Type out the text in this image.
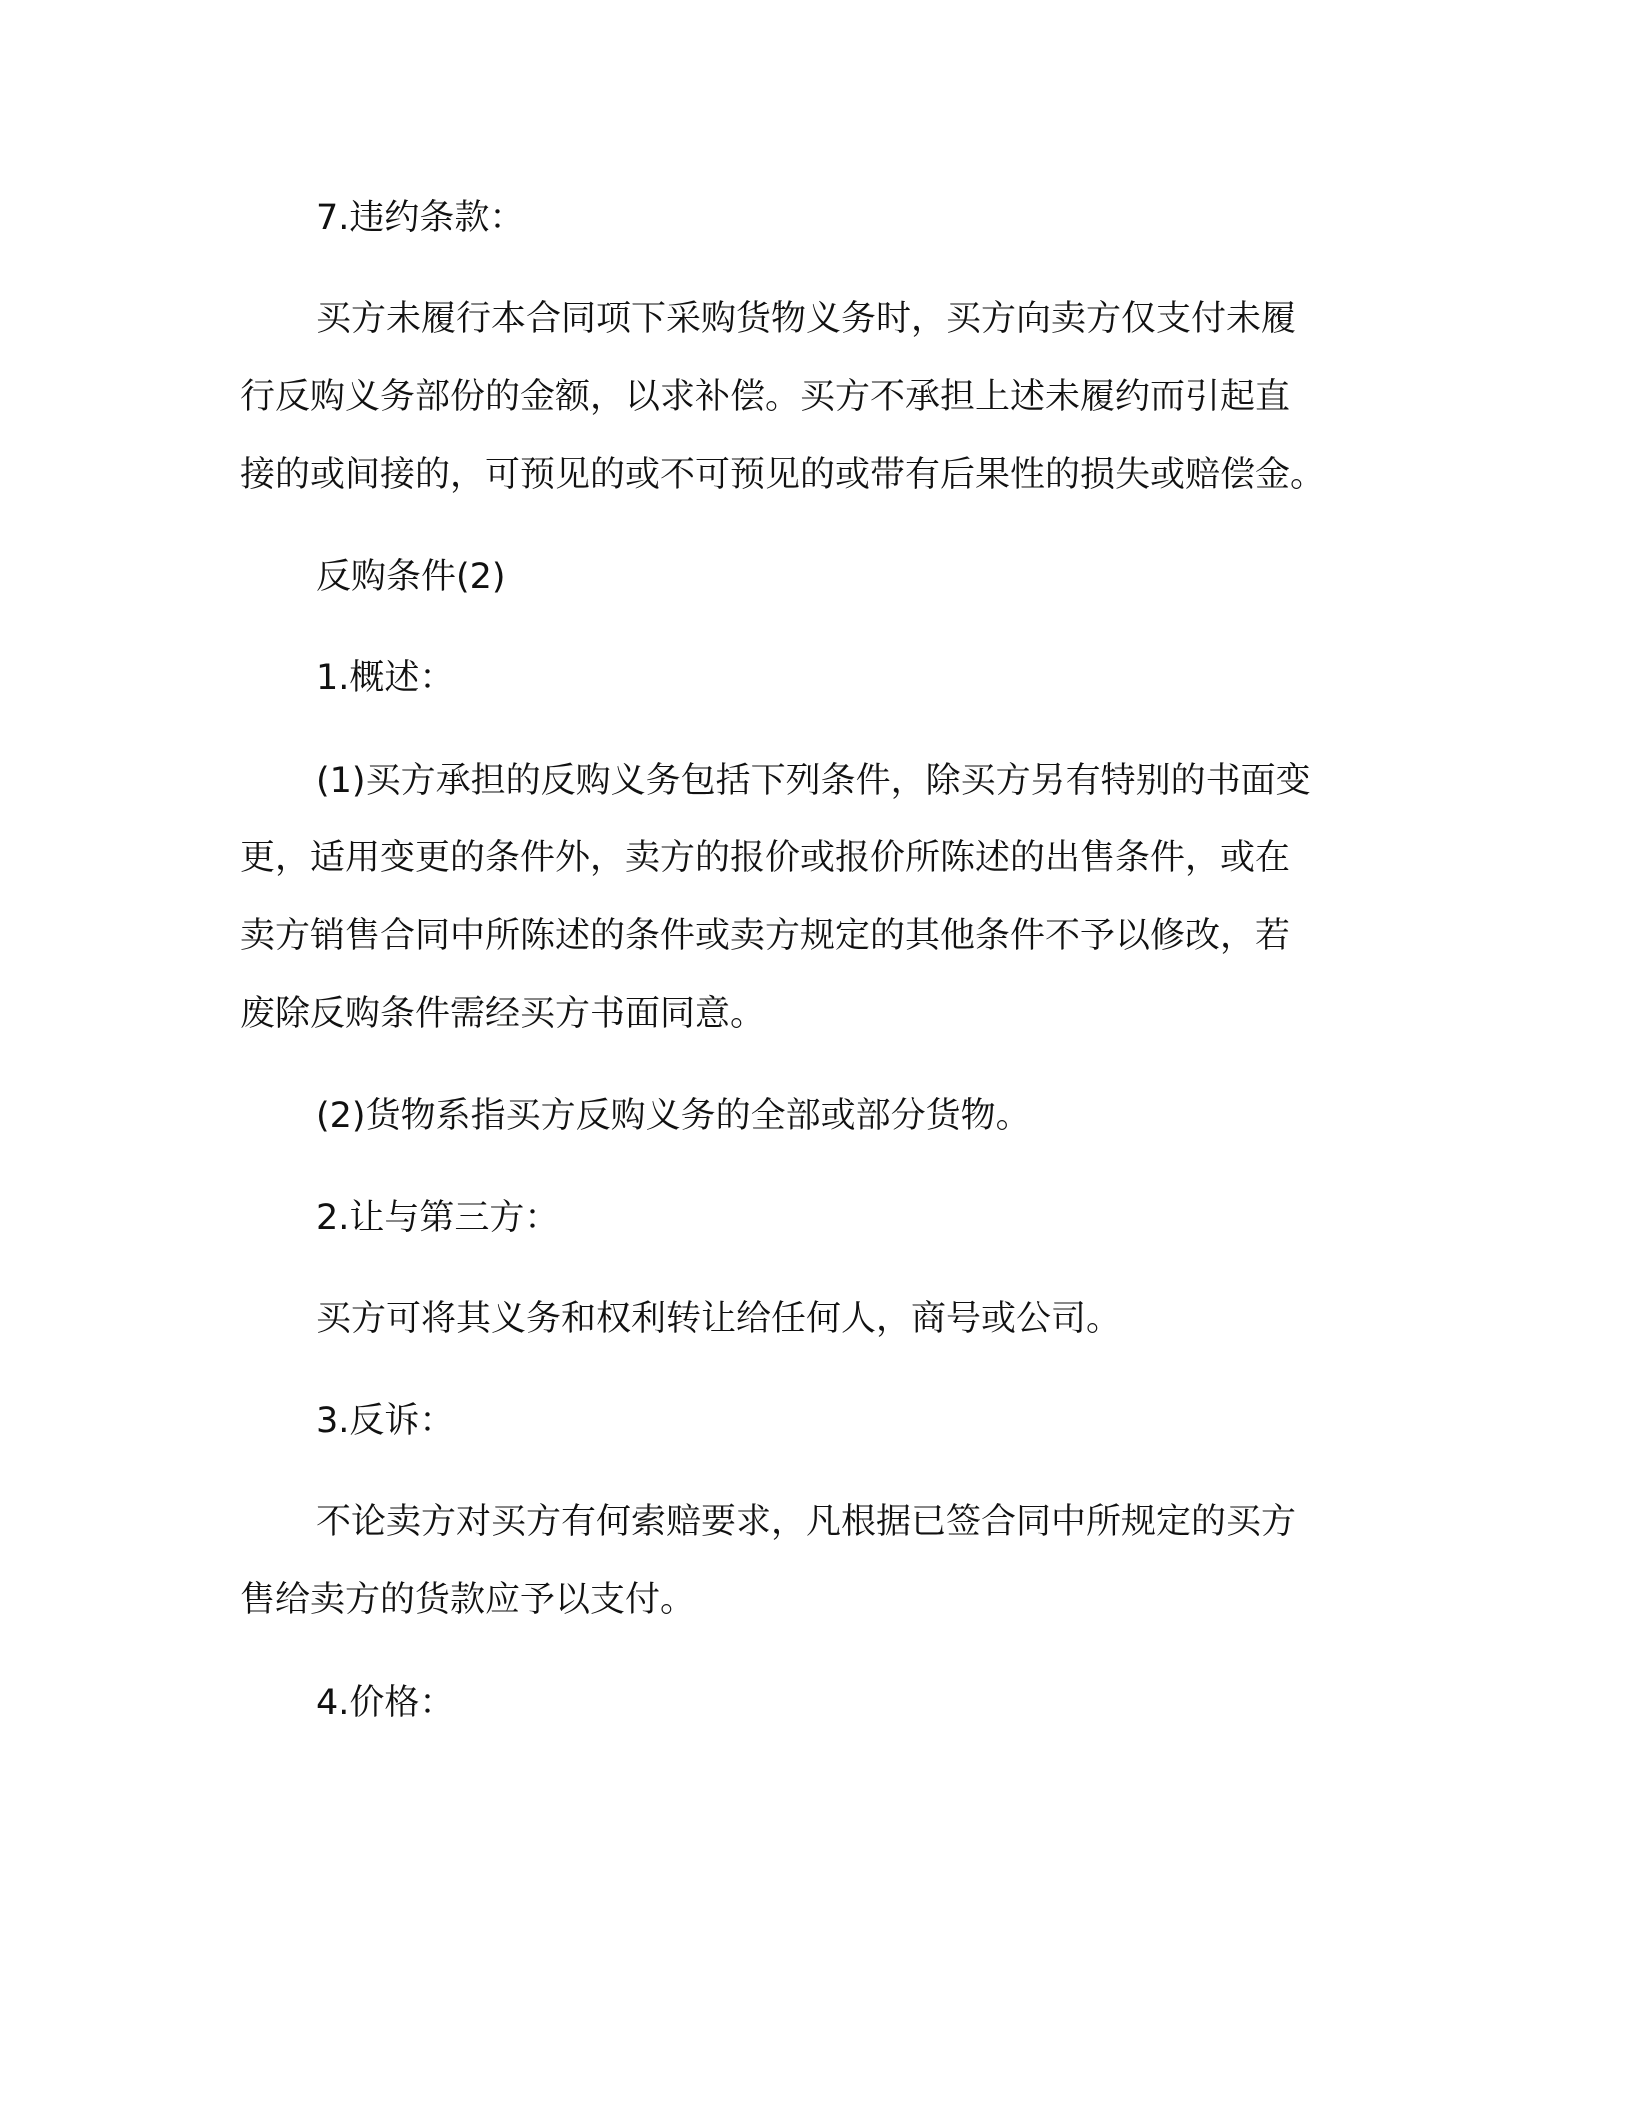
7.违约条款：
买方未履行本合同项下采购货物义务时，买方向卖方仅支付未履
行反购义务部份的金额，以求补偿。买方不承担上述未履约而引起直
接的或间接的，可预见的或不可预见的或带有后果性的损失或赔偿金。
反购条件(2)
1.概述：
(1)买方承担的反购义务包括下列条件，除买方另有特别的书面变
更，适用变更的条件外，卖方的报价或报价所陈述的出售条件，或在
卖方销售合同中所陈述的条件或卖方规定的其他条件不予以修改，若
废除反购条件需经买方书面同意。
(2)货物系指买方反购义务的全部或部分货物。
2.让与第三方：
买方可将其义务和权利转让给任何人，商号或公司。
3.反诉：
不论卖方对买方有何索赔要求，凡根据已签合同中所规定的买方
售给卖方的货款应予以支付。
4.价格：
